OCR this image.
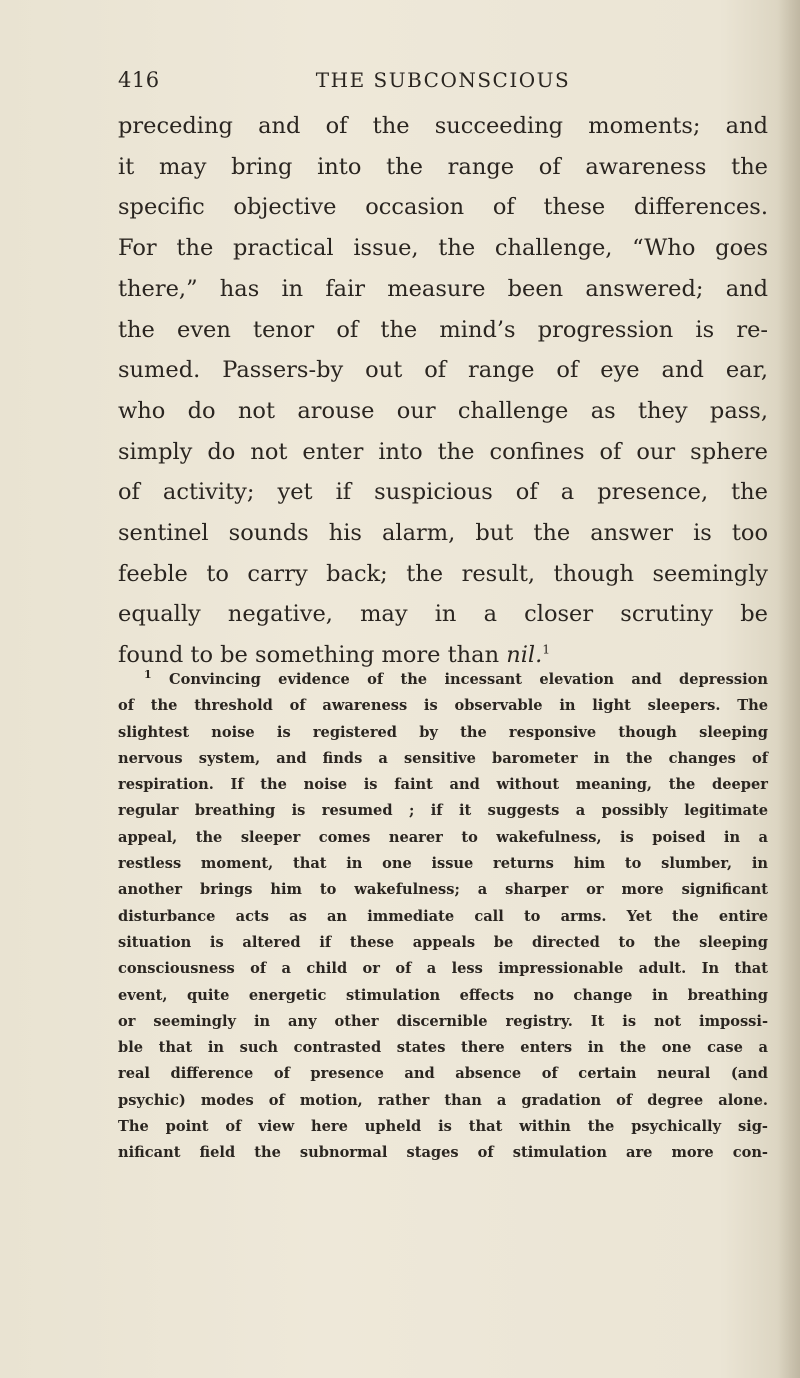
416	THE SUBCONSCIOUS
preceding and of the succeeding moments; and
it may bring into the range of awareness the
specific objective occasion of these differences.
For the practical issue, the challenge, “Who goes
there,” has in fair measure been answered; and
the even tenor of the mind’s progression is re-
sumed. Passers-by out of range of eye and ear,
who do not arouse our challenge as they pass,
simply do not enter into the confines of our sphere
of activity; yet if suspicious of a presence, the
sentinel sounds his alarm, but the answer is too
feeble to carry back; the result, though seemingly
equally negative, may in a closer scrutiny be
found to be something more than nil.$^1$
$^1$ Convincing evidence of the incessant elevation and depression
of the threshold of awareness is observable in light sleepers. The
slightest noise is registered by the responsive though sleeping
nervous system, and finds a sensitive barometer in the changes of
respiration. If the noise is faint and without meaning, the deeper
regular breathing is resumed ; if it suggests a possibly legitimate
appeal, the sleeper comes nearer to wakefulness, is poised in a
restless moment, that in one issue returns him to slumber, in
another brings him to wakefulness; a sharper or more significant
disturbance acts as an immediate call to arms. Yet the entire
situation is altered if these appeals be directed to the sleeping
consciousness of a child or of a less impressionable adult. In that
event, quite energetic stimulation effects no change in breathing
or seemingly in any other discernible registry. It is not impossi-
ble that in such contrasted states there enters in the one case a
real difference of presence and absence of certain neural (and
psychic) modes of motion, rather than a gradation of degree alone.
The point of view here upheld is that within the psychically sig-
nificant field the subnormal stages of stimulation are more con-
